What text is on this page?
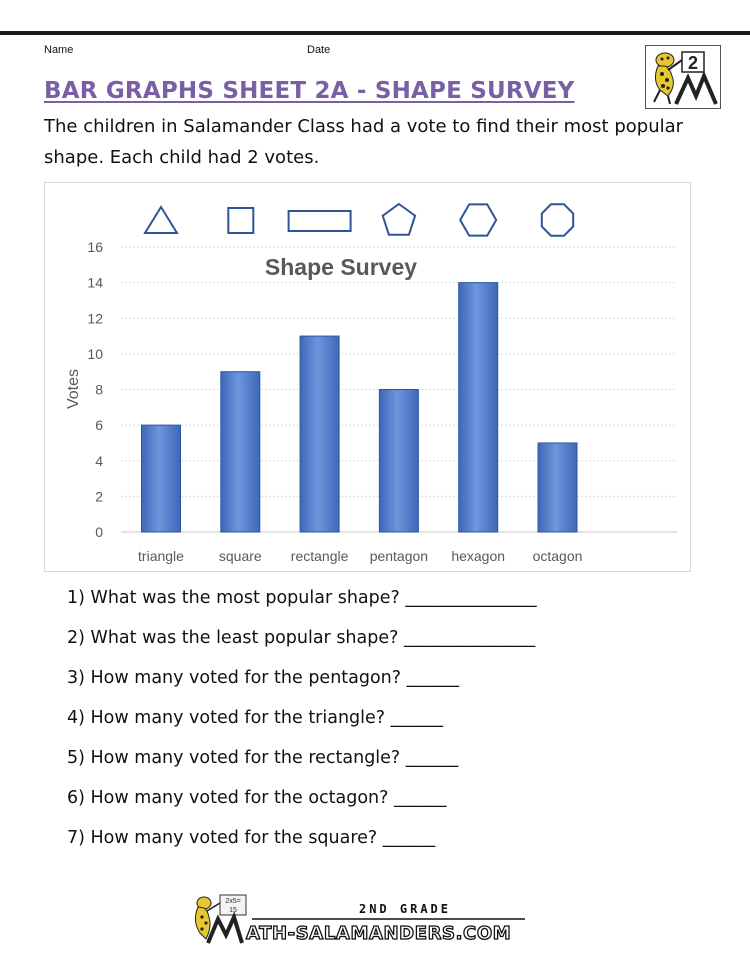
Name	Date
2
BAR GRAPHS SHEET 2A - SHAPE SURVEY

The children in Salamander Class had a vote to find their most popular
shape. Each child had 2 votes.

0
2
4
6
8
10
12
14
16
triangle square rectangle pentagon hexagon octagon
Shape Survey
Votes
1) What was the most popular shape? _______________
2) What was the least popular shape? _______________
3) How many voted for the pentagon? ______
4) How many voted for the triangle? ______
5) How many voted for the rectangle? ______
6) How many voted for the octagon? ______
7) How many voted for the square? ______
2x5=
15	2ND GRADE
ATH-SALAMANDERS.COM
